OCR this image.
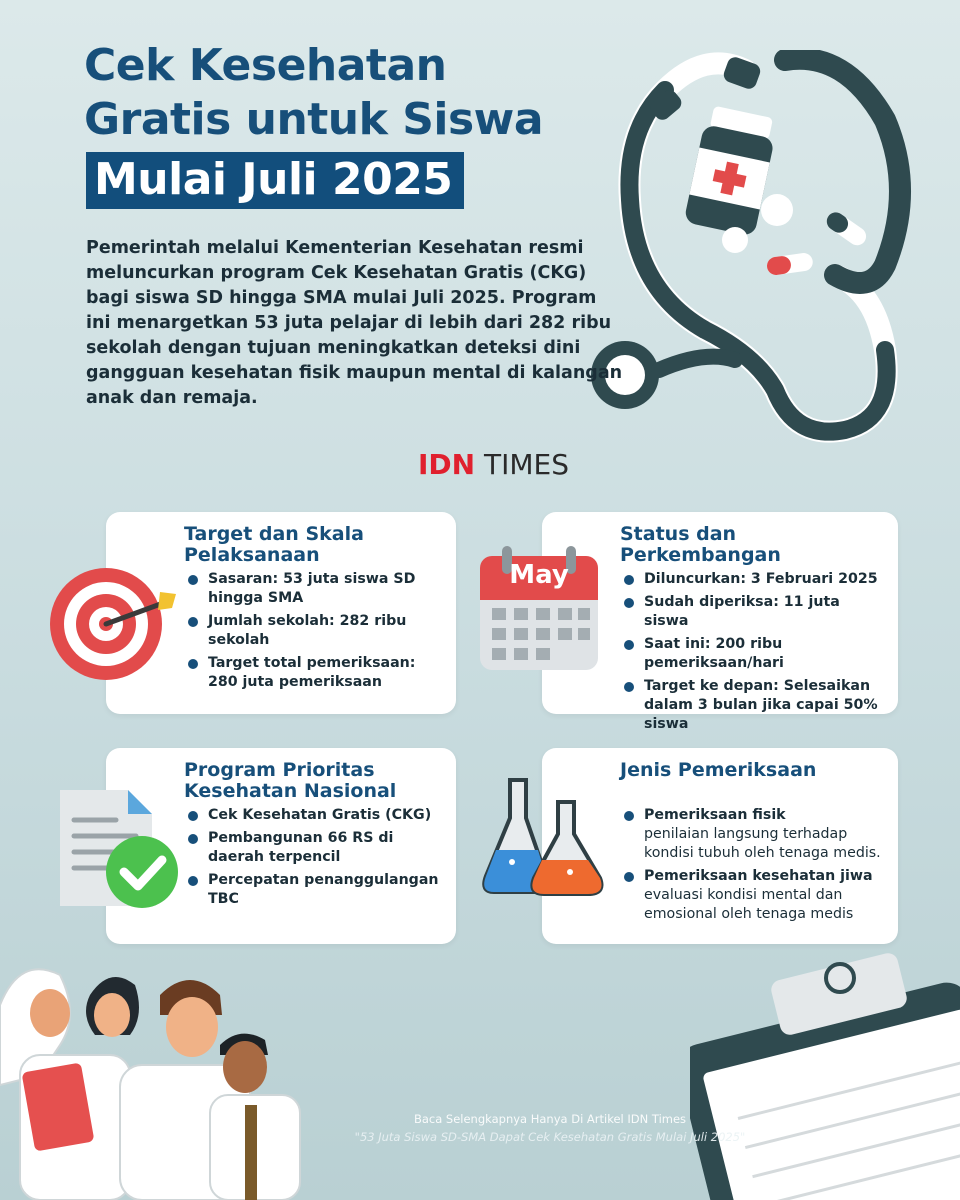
Cek Kesehatan
Gratis untuk Siswa
Mulai Juli 2025
Pemerintah melalui Kementerian Kesehatan resmi meluncurkan program Cek Kesehatan Gratis (CKG) bagi siswa SD hingga SMA mulai Juli 2025. Program ini menargetkan 53 juta pelajar di lebih dari 282 ribu sekolah dengan tujuan meningkatkan deteksi dini gangguan kesehatan fisik maupun mental di kalangan anak dan remaja.
IDN TIMES
Target dan Skala Pelaksanaan
Sasaran: 53 juta siswa SD hingga SMA
Jumlah sekolah: 282 ribu sekolah
Target total pemeriksaan: 280 juta pemeriksaan
Status dan Perkembangan
Diluncurkan: 3 Februari 2025
Sudah diperiksa: 11 juta siswa
Saat ini: 200 ribu pemeriksaan/hari
Target ke depan: Selesaikan dalam 3 bulan jika capai 50% siswa
May
Program Prioritas Kesehatan Nasional
Cek Kesehatan Gratis (CKG)
Pembangunan 66 RS di daerah terpencil
Percepatan penanggulangan TBC
Jenis Pemeriksaan
Pemeriksaan fisik
penilaian langsung terhadap kondisi tubuh oleh tenaga medis.
Pemeriksaan kesehatan jiwa
evaluasi kondisi mental dan emosional oleh tenaga medis
Baca Selengkapnya Hanya Di Artikel IDN Times
"53 Juta Siswa SD-SMA Dapat Cek Kesehatan Gratis Mulai Juli 2025"
